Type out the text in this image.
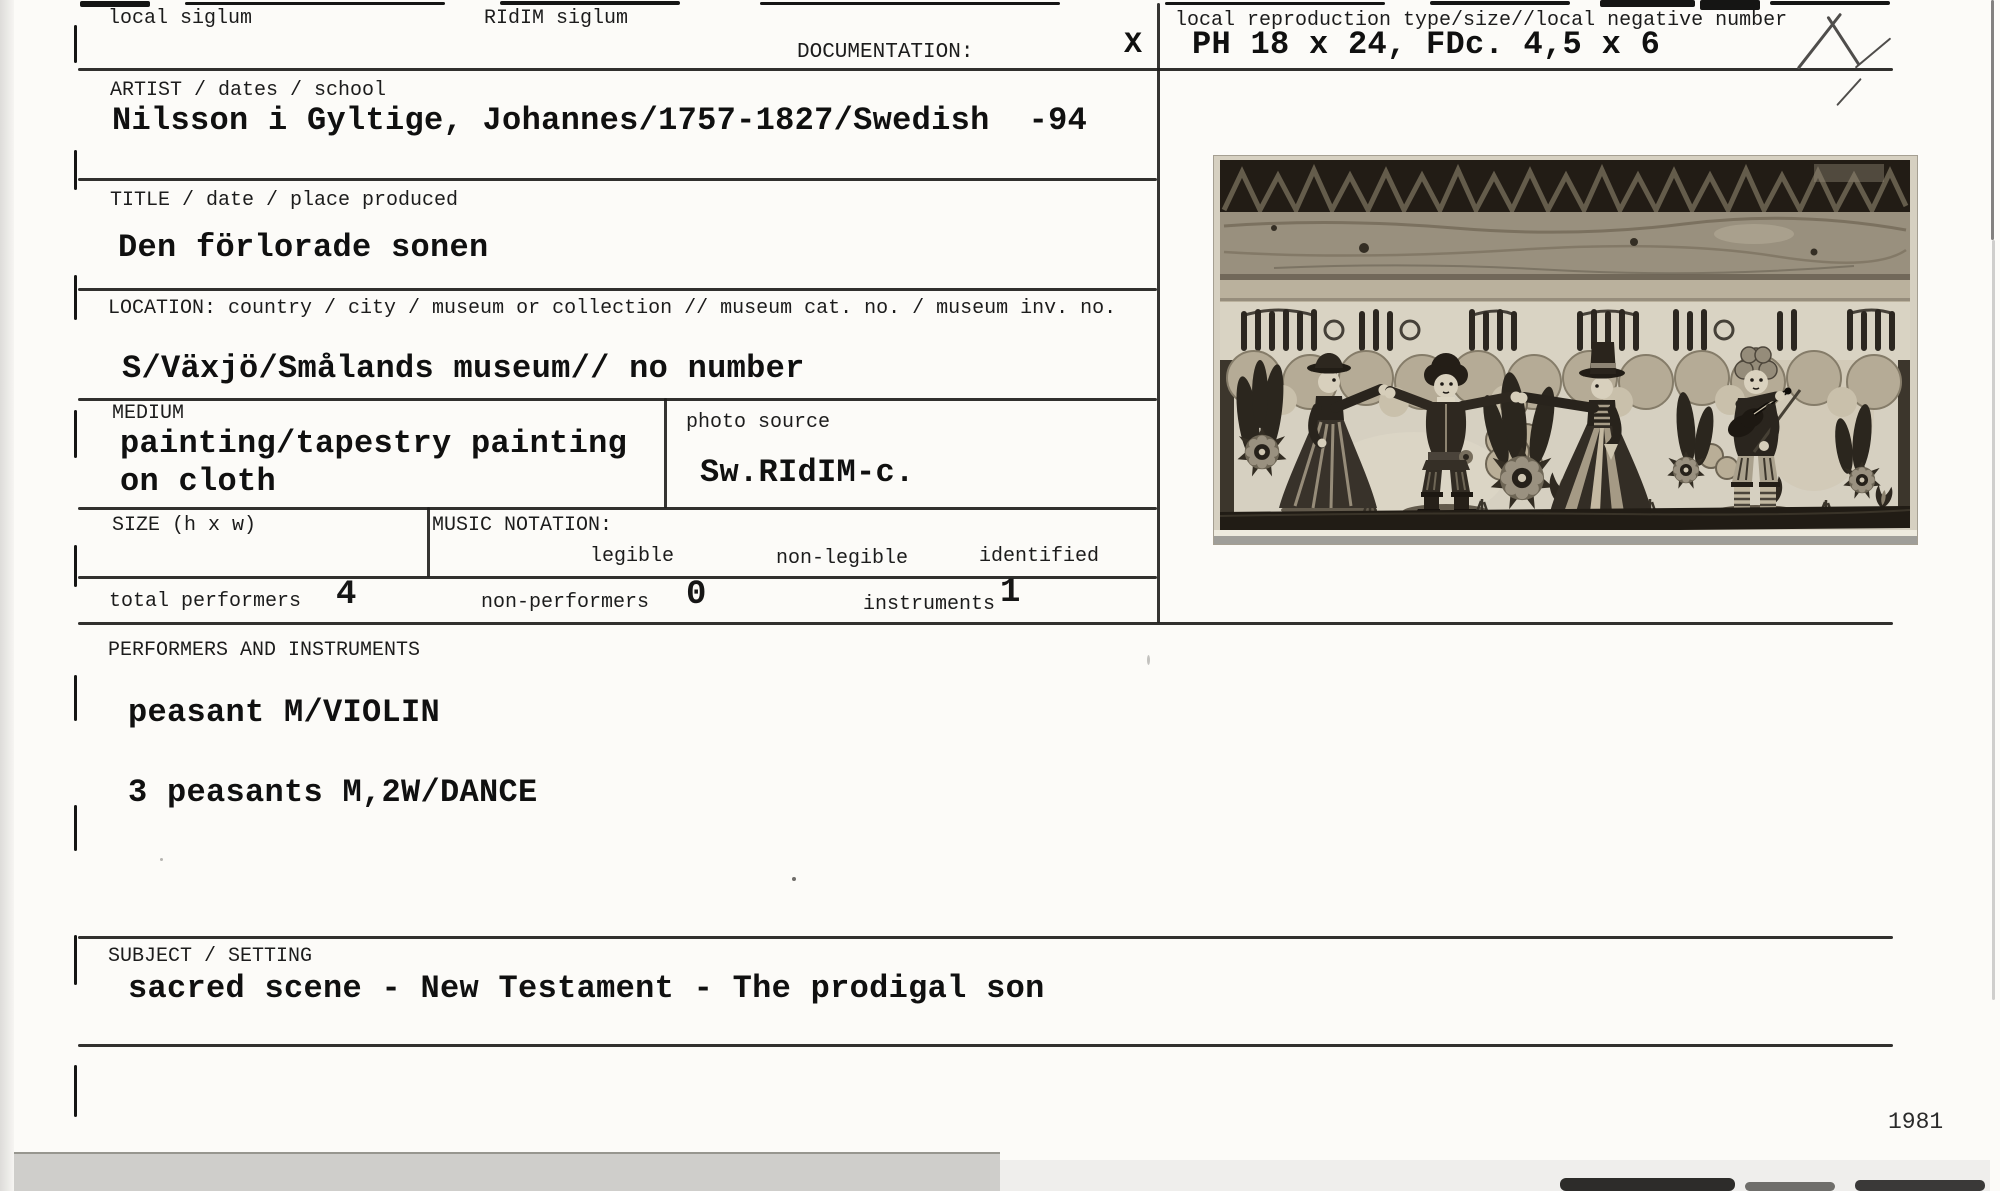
local siglum	RIdIM siglum
DOCUMENTATION:	X
local reproduction type/size//local negative number
PH 18 x 24, FDc. 4,5 x 6
ARTIST / dates / school
Nilsson i Gyltige, Johannes/1757-1827/Swedish  -94
TITLE / date / place produced
Den förlorade sonen
LOCATION: country / city / museum or collection // museum cat. no. / museum inv. no.
S/Växjö/Smålands museum// no number
MEDIUM
painting/tapestry painting
on cloth
photo source
Sw.RIdIM-c.
SIZE (h x w)	MUSIC NOTATION:
legible	non-legible	identified
total performers 4	non-performers 0	instruments 1
PERFORMERS AND INSTRUMENTS
peasant M/VIOLIN
3 peasants M,2W/DANCE
SUBJECT / SETTING
sacred scene - New Testament - The prodigal son
1981
